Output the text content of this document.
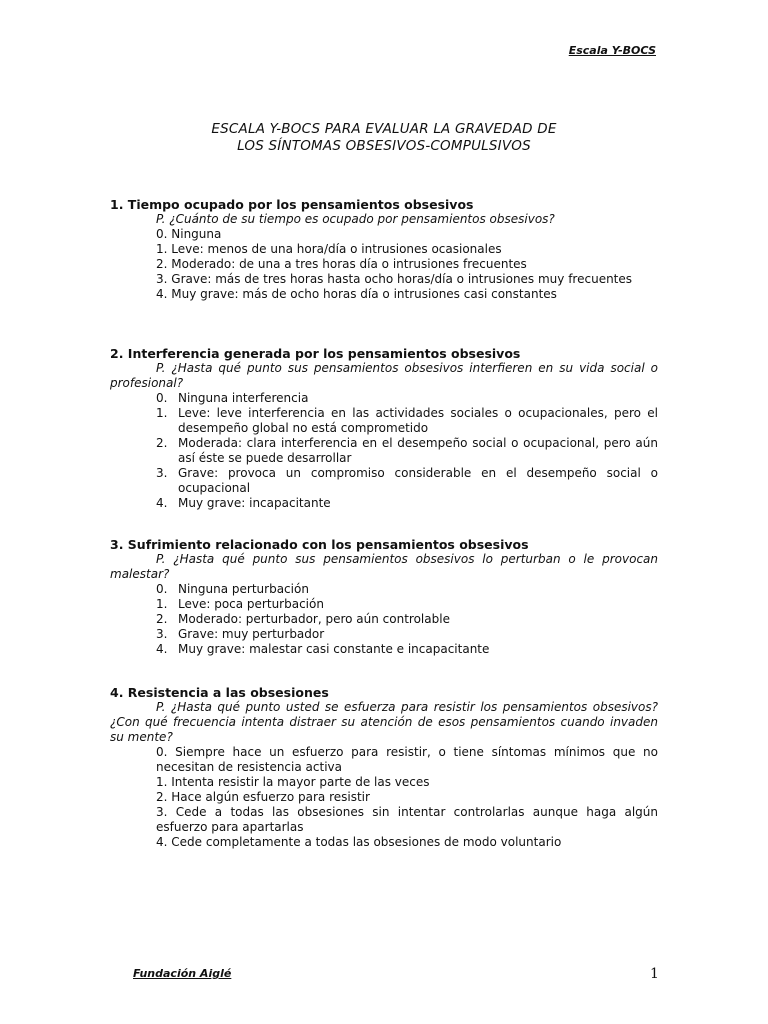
Escala Y-BOCS
ESCALA Y-BOCS PARA EVALUAR LA GRAVEDAD DE
LOS SÍNTOMAS OBSESIVOS-COMPULSIVOS
1. Tiempo ocupado por los pensamientos obsesivos
P. ¿Cuánto de su tiempo es ocupado por pensamientos obsesivos?
0. Ninguna
1. Leve: menos de una hora/día o intrusiones ocasionales
2. Moderado: de una a tres horas día o intrusiones frecuentes
3. Grave: más de tres horas hasta ocho horas/día o intrusiones muy frecuentes
4. Muy grave: más de ocho horas día o intrusiones casi constantes
2. Interferencia generada por los pensamientos obsesivos
P. ¿Hasta qué punto sus pensamientos obsesivos interfieren en su vida social o profesional?
0. Ninguna interferencia
1. Leve: leve interferencia en las actividades sociales o ocupacionales, pero el desempeño global no está comprometido
2. Moderada: clara interferencia en el desempeño social o ocupacional, pero aún así éste se puede desarrollar
3. Grave: provoca un compromiso considerable en el desempeño social o ocupacional
4. Muy grave: incapacitante
3. Sufrimiento relacionado con los pensamientos obsesivos
P. ¿Hasta qué punto sus pensamientos obsesivos lo perturban o le provocan malestar?
0. Ninguna perturbación
1. Leve: poca perturbación
2. Moderado: perturbador, pero aún controlable
3. Grave: muy perturbador
4. Muy grave: malestar casi constante e incapacitante
4. Resistencia a las obsesiones
P. ¿Hasta qué punto usted se esfuerza para resistir los pensamientos obsesivos? ¿Con qué frecuencia intenta distraer su atención de esos pensamientos cuando invaden su mente?
0. Siempre hace un esfuerzo para resistir, o tiene síntomas mínimos que no necesitan de resistencia activa
1. Intenta resistir la mayor parte de las veces
2. Hace algún esfuerzo para resistir
3. Cede a todas las obsesiones sin intentar controlarlas aunque haga algún esfuerzo para apartarlas
4. Cede completamente a todas las obsesiones de modo voluntario
Fundación Aiglé	1
